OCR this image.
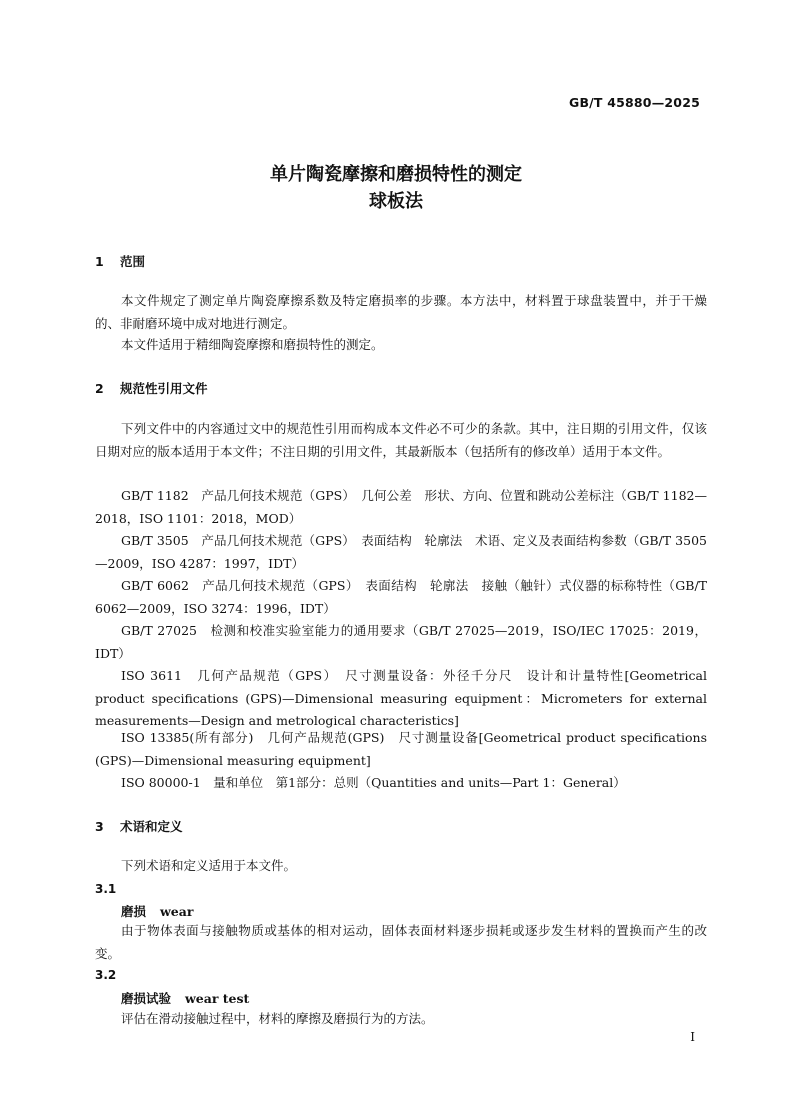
GB/T 45880—2025
单片陶瓷摩擦和磨损特性的测定
球板法
1 范围

本文件规定了测定单片陶瓷摩擦系数及特定磨损率的步骤。本方法中，材料置于球盘装置中，并于干燥的、非耐磨环境中成对地进行测定。

本文件适用于精细陶瓷摩擦和磨损特性的测定。

2 规范性引用文件

下列文件中的内容通过文中的规范性引用而构成本文件必不可少的条款。其中，注日期的引用文件，仅该日期对应的版本适用于本文件；不注日期的引用文件，其最新版本（包括所有的修改单）适用于本文件。

GB/T 1182　产品几何技术规范（GPS）　几何公差　形状、方向、位置和跳动公差标注（GB/T 1182—2018，ISO 1101：2018，MOD）

GB/T 3505　产品几何技术规范（GPS）　表面结构　轮廓法　术语、定义及表面结构参数（GB/T 3505—2009，ISO 4287：1997，IDT）

GB/T 6062　产品几何技术规范（GPS）　表面结构　轮廓法　接触（触针）式仪器的标称特性（GB/T 6062—2009，ISO 3274：1996，IDT）

GB/T 27025　检测和校准实验室能力的通用要求（GB/T 27025—2019，ISO/IEC 17025：2019，IDT）

ISO 3611　几何产品规范（GPS）　尺寸测量设备：外径千分尺　设计和计量特性[Geometrical product specifications (GPS)—Dimensional measuring equipment：Micrometers for external measurements—Design and metrological characteristics]

ISO 13385(所有部分)　几何产品规范(GPS)　尺寸测量设备[Geometrical product specifications (GPS)—Dimensional measuring equipment]

ISO 80000-1　量和单位　第1部分：总则（Quantities and units—Part 1：General）

3 术语和定义

下列术语和定义适用于本文件。

3.1
磨损 wear

由于物体表面与接触物质或基体的相对运动，固体表面材料逐步损耗或逐步发生材料的置换而产生的改变。

3.2
磨损试验 wear test

评估在滑动接触过程中，材料的摩擦及磨损行为的方法。

I
